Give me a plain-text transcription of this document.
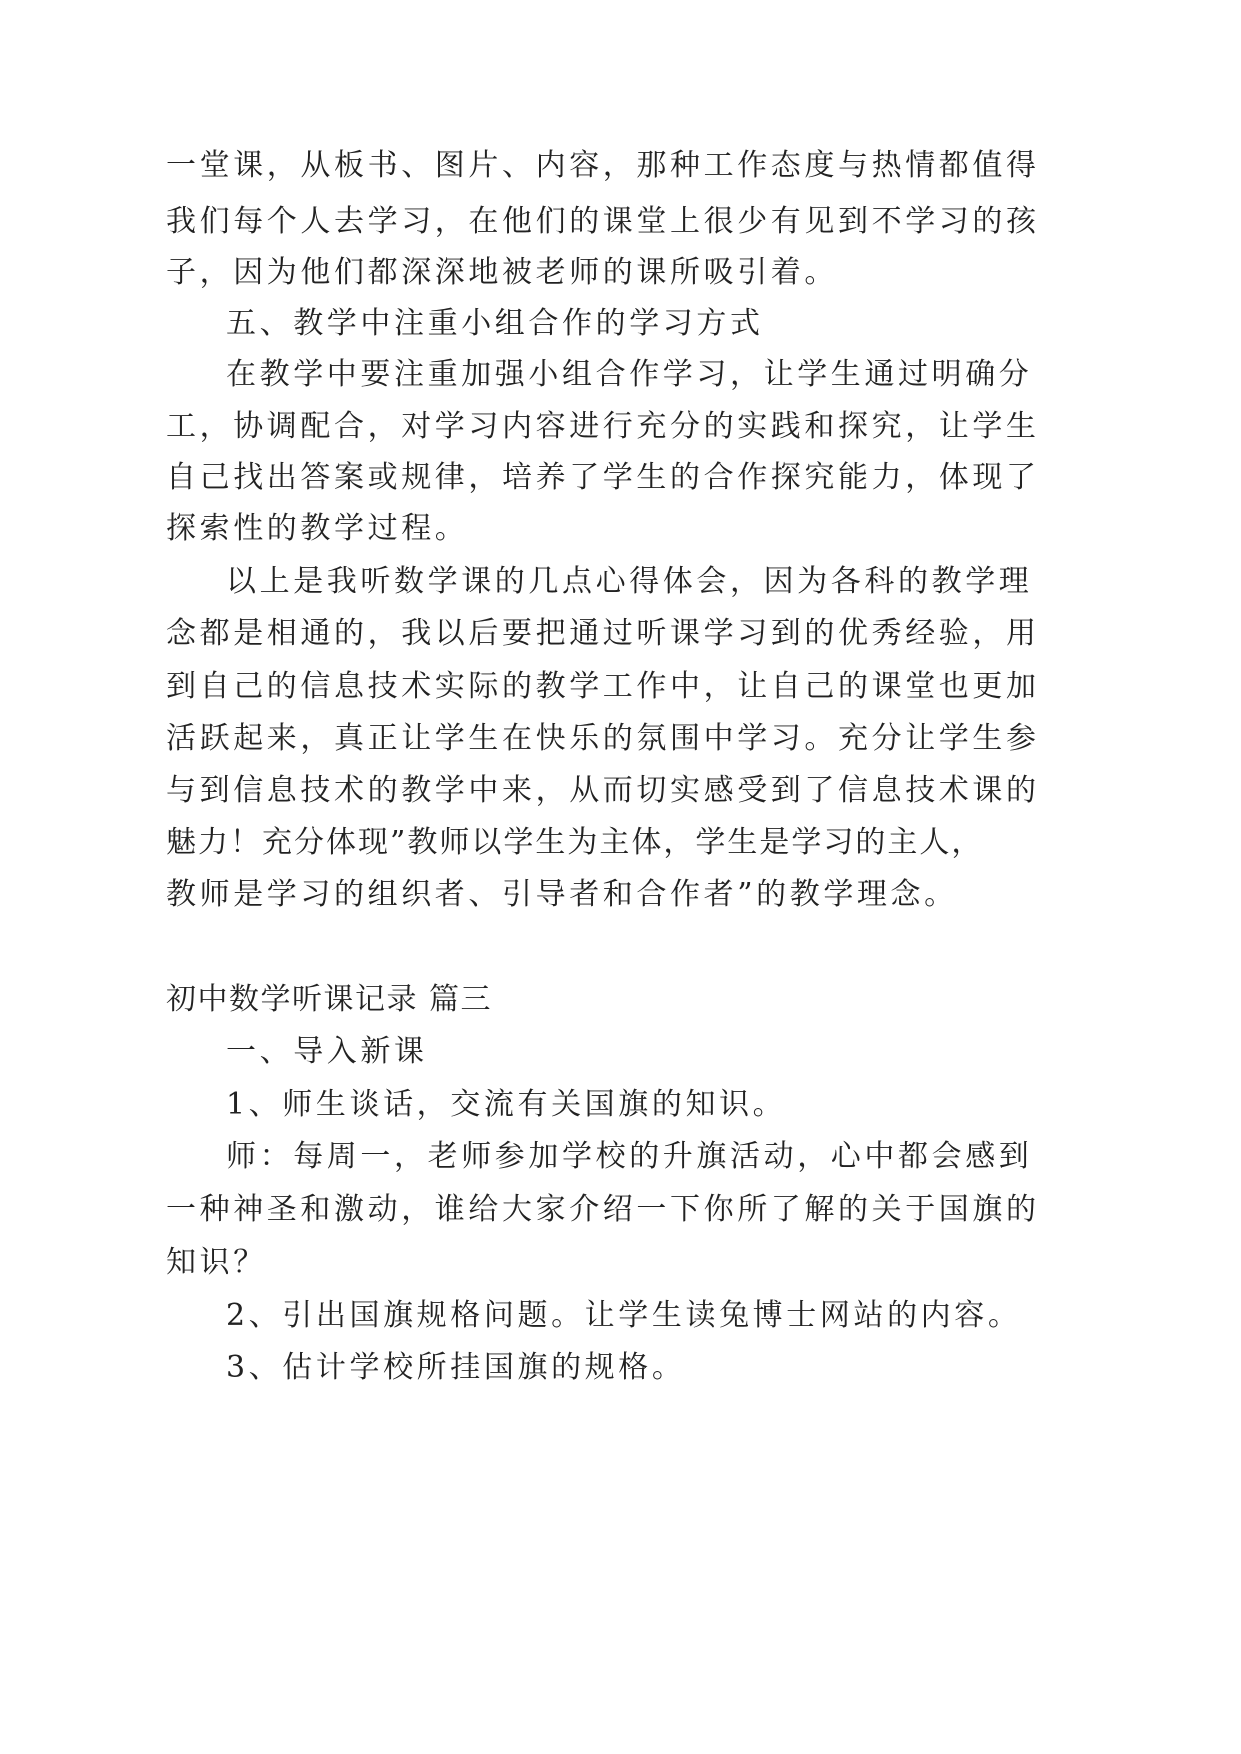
一堂课，从板书、图片、内容，那种工作态度与热情都值得
我们每个人去学习，在他们的课堂上很少有见到不学习的孩
子，因为他们都深深地被老师的课所吸引着。
五、教学中注重小组合作的学习方式
在教学中要注重加强小组合作学习，让学生通过明确分
工，协调配合，对学习内容进行充分的实践和探究，让学生
自己找出答案或规律，培养了学生的合作探究能力，体现了
探索性的教学过程。
以上是我听数学课的几点心得体会，因为各科的教学理
念都是相通的，我以后要把通过听课学习到的优秀经验，用
到自己的信息技术实际的教学工作中，让自己的课堂也更加
活跃起来，真正让学生在快乐的氛围中学习。充分让学生参
与到信息技术的教学中来，从而切实感受到了信息技术课的
魅力！充分体现”教师以学生为主体，学生是学习的主人，
教师是学习的组织者、引导者和合作者”的教学理念。
初中数学听课记录 篇三
一、导入新课
1、师生谈话，交流有关国旗的知识。
师：每周一，老师参加学校的升旗活动，心中都会感到
一种神圣和激动，谁给大家介绍一下你所了解的关于国旗的
知识？
2、引出国旗规格问题。让学生读兔博士网站的内容。
3、估计学校所挂国旗的规格。
